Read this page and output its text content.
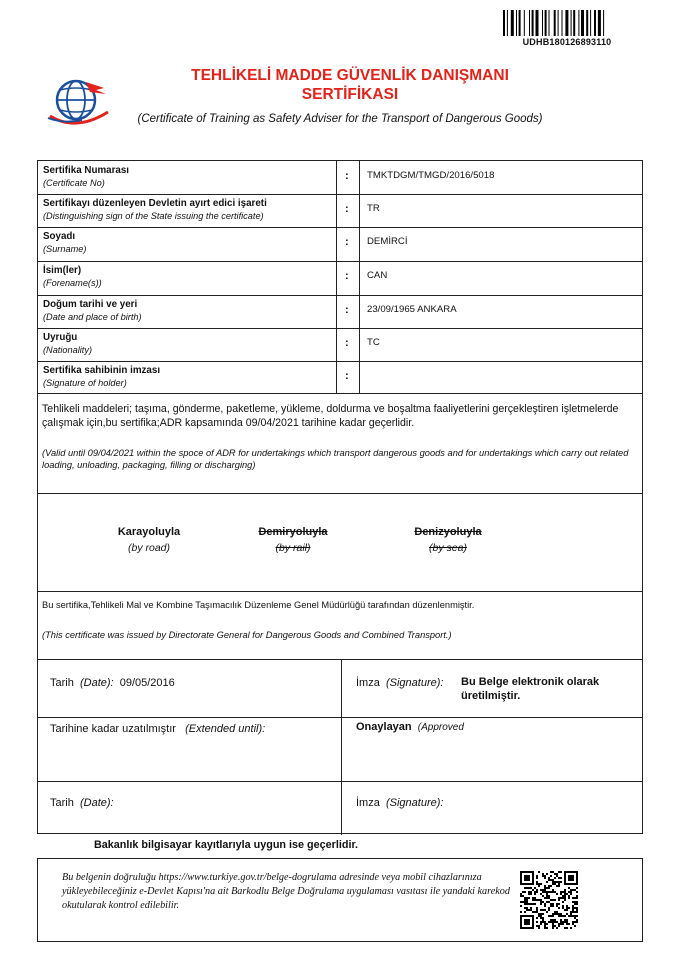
UDHB180126893110
TEHLİKELİ MADDE GÜVENLİK DANIŞMANI
SERTİFİKASI
(Certificate of Training as Safety Adviser for the Transport of Dangerous Goods)
Sertifika Numarası
(Certificate No)
: TMKTDGM/TMGD/2016/5018
Sertifikayı düzenleyen Devletin ayırt edici işareti
(Distinguishing sign of the State issuing the certificate)
: TR
Soyadı
(Surname)
: DEMİRCİ
İsim(ler)
(Forename(s))
: CAN
Doğum tarihi ve yeri
(Date and place of birth)
: 23/09/1965 ANKARA
Uyruğu
(Nationality)
: TC
Sertifika sahibinin imzası
(Signature of holder)
:
Tehlikeli maddeleri; taşıma, gönderme, paketleme, yükleme, doldurma ve boşaltma faaliyetlerini gerçekleştiren işletmelerde çalışmak için,bu sertifika;ADR kapsamında 09/04/2021 tarihine kadar geçerlidir.
(Valid until 09/04/2021 within the spoce of ADR for undertakings which transport dangerous goods and for undertakings which carry out related loading, unloading, packaging, filling or discharging)
Karayoluyla
(by road)
Demiryoluyla
(by rail)
Denizyoluyla
(by sea)
Bu sertifika,Tehlikeli Mal ve Kombine Taşımacılık Düzenleme Genel Müdürlüğü tarafından düzenlenmiştir.
(This certificate was issued by Directorate General for Dangerous Goods and Combined Transport.)
Tarih (Date): 09/05/2016	İmza (Signature): Bu Belge elektronik olarak üretilmiştir.
Tarihine kadar uzatılmıştır (Extended until):	Onaylayan (Approved
Tarih (Date):	İmza (Signature):
Bakanlık bilgisayar kayıtlarıyla uygun ise geçerlidir.
Bu belgenin doğruluğu https://www.turkiye.gov.tr/belge-dogrulama adresinde veya mobil cihazlarınıza yükleyebileceğiniz e-Devlet Kapısı'na ait Barkodlu Belge Doğrulama uygulaması vasıtası ile yandaki karekod okutularak kontrol edilebilir.
